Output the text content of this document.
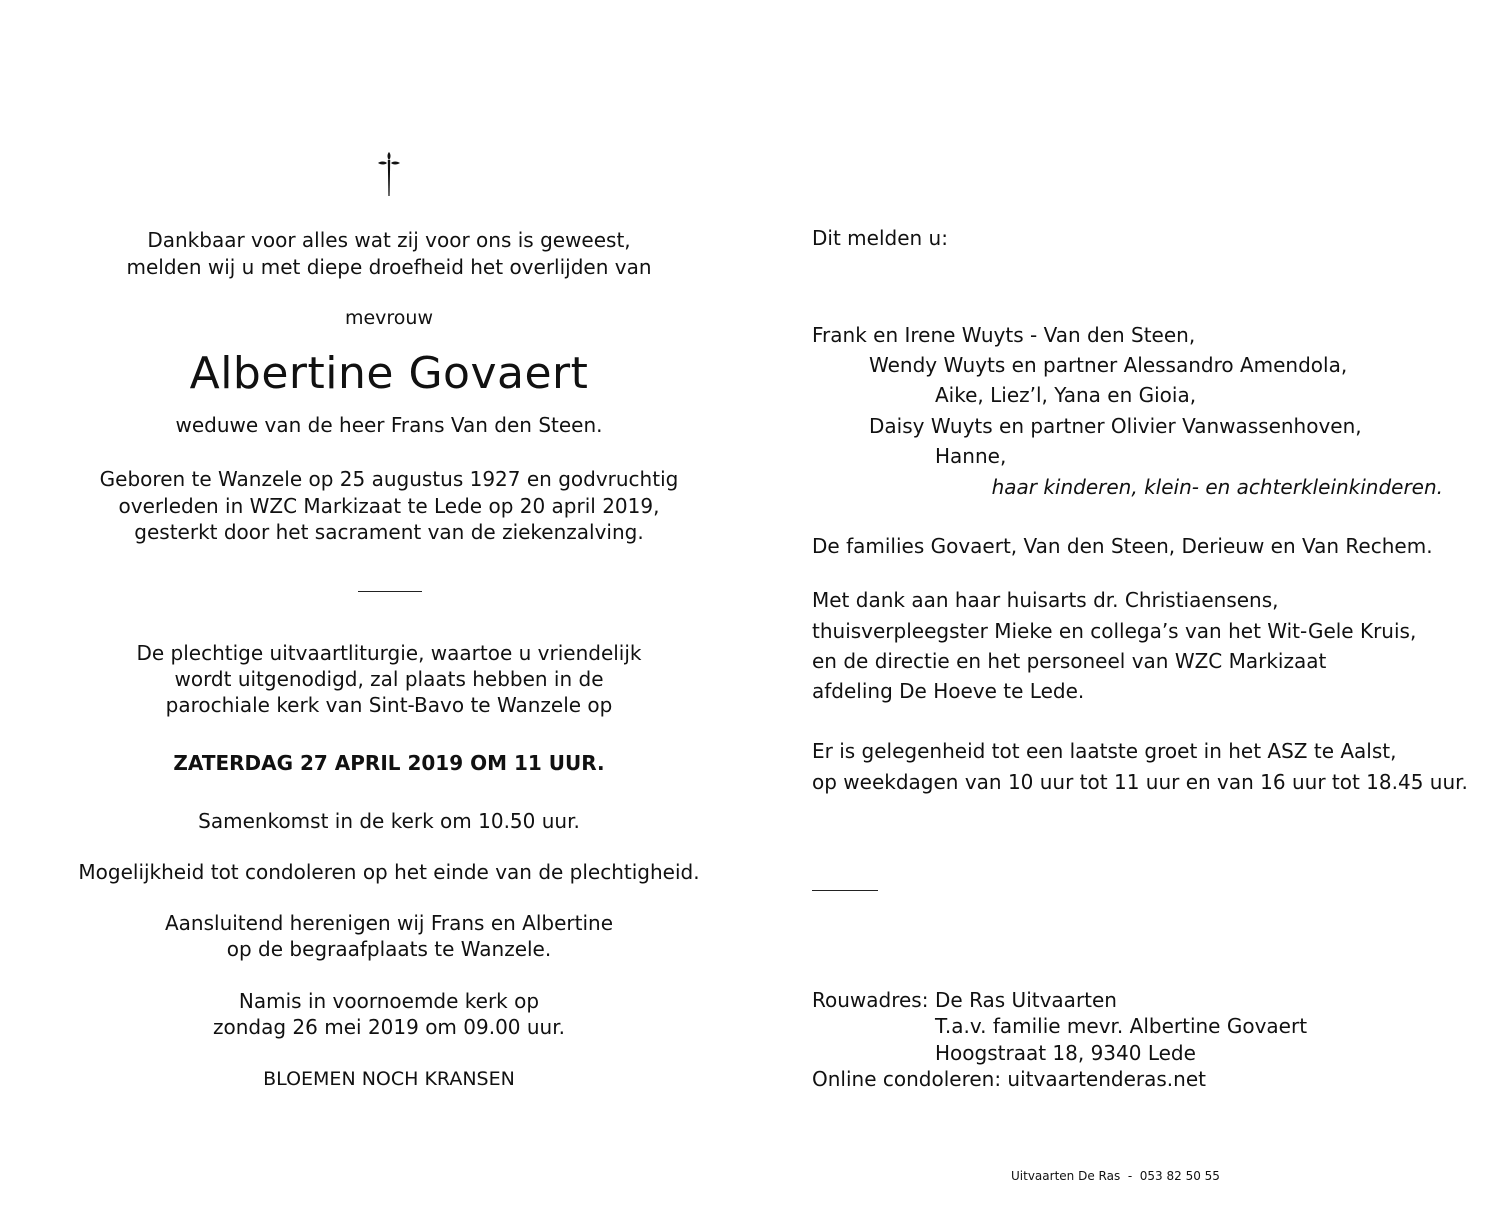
Dankbaar voor alles wat zij voor ons is geweest,
melden wij u met diepe droefheid het overlijden van
mevrouw
Albertine Govaert
weduwe van de heer Frans Van den Steen.
Geboren te Wanzele op 25 augustus 1927 en godvruchtig
overleden in WZC Markizaat te Lede op 20 april 2019,
gesterkt door het sacrament van de ziekenzalving.
De plechtige uitvaartliturgie, waartoe u vriendelijk
wordt uitgenodigd, zal plaats hebben in de
parochiale kerk van Sint-Bavo te Wanzele op
ZATERDAG 27 APRIL 2019 OM 11 UUR.
Samenkomst in de kerk om 10.50 uur.
Mogelijkheid tot condoleren op het einde van de plechtigheid.
Aansluitend herenigen wij Frans en Albertine
op de begraafplaats te Wanzele.
Namis in voornoemde kerk op
zondag 26 mei 2019 om 09.00 uur.
BLOEMEN NOCH KRANSEN
Dit melden u:
Frank en Irene Wuyts - Van den Steen,
Wendy Wuyts en partner Alessandro Amendola,
Aike, Liez’l, Yana en Gioia,
Daisy Wuyts en partner Olivier Vanwassenhoven,
Hanne,
haar kinderen, klein- en achterkleinkinderen.
De families Govaert, Van den Steen, Derieuw en Van Rechem.
Met dank aan haar huisarts dr. Christiaensens,
thuisverpleegster Mieke en collega’s van het Wit-Gele Kruis,
en de directie en het personeel van WZC Markizaat
afdeling De Hoeve te Lede.
Er is gelegenheid tot een laatste groet in het ASZ te Aalst,
op weekdagen van 10 uur tot 11 uur en van 16 uur tot 18.45 uur.
Rouwadres: De Ras Uitvaarten
T.a.v. familie mevr. Albertine Govaert
Hoogstraat 18, 9340 Lede
Online condoleren: uitvaartenderas.net
Uitvaarten De Ras  -  053 82 50 55
